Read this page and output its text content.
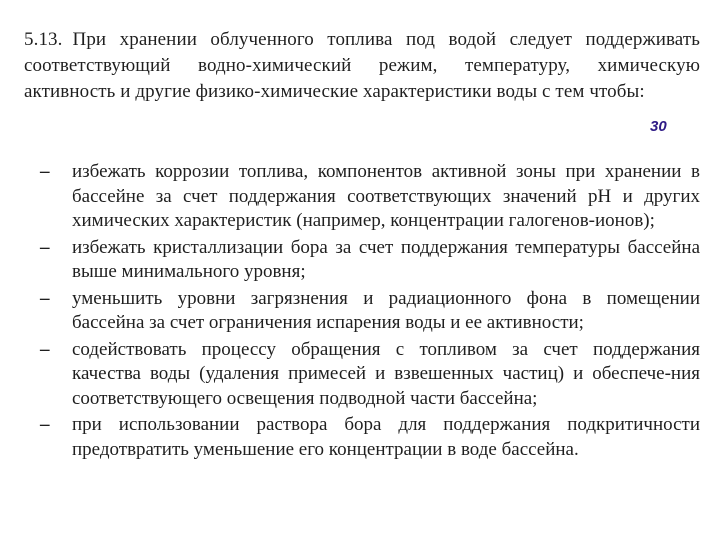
5.13. При хранении облученного топлива под водой следует поддерживать соответствующий водно-химический режим, температуру, химическую активность и другие физико-химические характеристики воды с тем чтобы:

30
– избежать коррозии топлива, компонентов активной зоны при хранении в бассейне за счет поддержания соответствующих значений pH и других химических характеристик (например, концентрации галогенов-ионов);
– избежать кристаллизации бора за счет поддержания температуры бассейна выше минимального уровня;
– уменьшить уровни загрязнения и радиационного фона в помещении бассейна за счет ограничения испарения воды и ее активности;
– содействовать процессу обращения с топливом за счет поддержания качества воды (удаления примесей и взвешенных частиц) и обеспече-ния соответствующего освещения подводной части бассейна;
– при использовании раствора бора для поддержания подкритичности предотвратить уменьшение его концентрации в воде бассейна.
